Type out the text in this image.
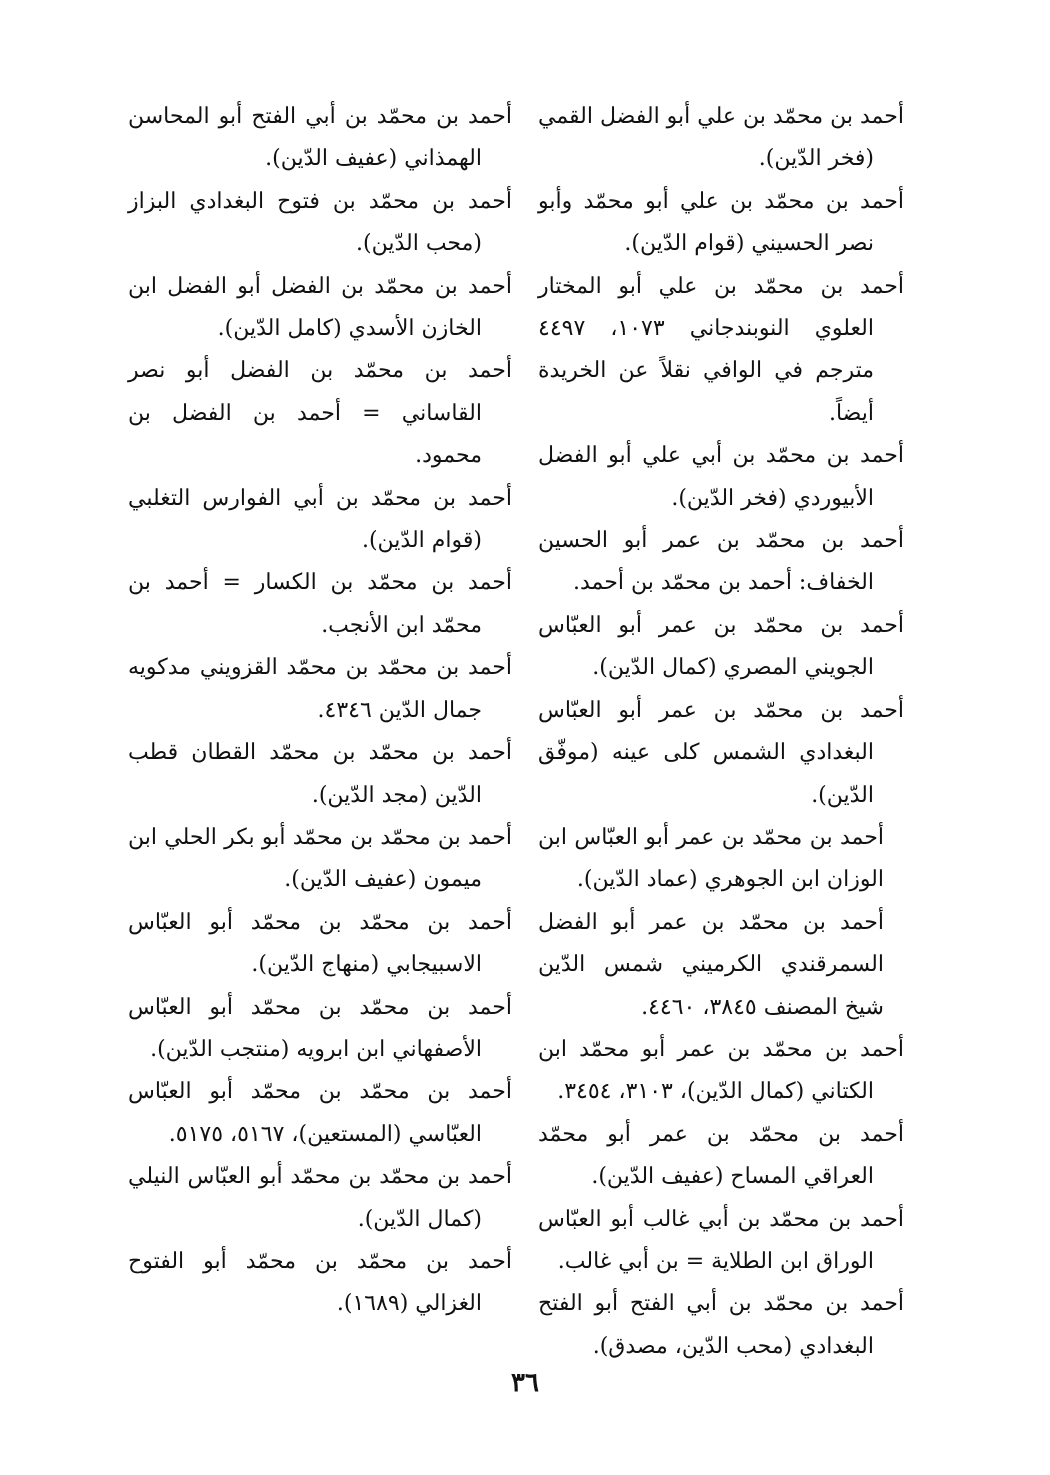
أحمد بن محمّد بن علي أبو الفضل القمي (فخر الدّين).

أحمد بن محمّد بن علي أبو محمّد وأبو نصر الحسيني (قوام الدّين).

أحمد بن محمّد بن علي أبو المختار العلوي النوبندجاني ١٠٧٣، ٤٤٩٧ مترجم في الوافي نقلاً عن الخريدة أيضاً.

أحمد بن محمّد بن أبي علي أبو الفضل الأبيوردي (فخر الدّين).

أحمد بن محمّد بن عمر أبو الحسين الخفاف: أحمد بن محمّد بن أحمد.

أحمد بن محمّد بن عمر أبو العبّاس الجويني المصري (كمال الدّين).

أحمد بن محمّد بن عمر أبو العبّاس البغدادي الشمس كلى عينه (موفّق الدّين).

أحمد بن محمّد بن عمر أبو العبّاس ابن الوزان ابن الجوهري (عماد الدّين).

أحمد بن محمّد بن عمر أبو الفضل السمرقندي الكرميني شمس الدّين شيخ المصنف ٣٨٤٥، ٤٤٦٠.

أحمد بن محمّد بن عمر أبو محمّد ابن الكتاني (كمال الدّين)، ٣١٠٣، ٣٤٥٤.

أحمد بن محمّد بن عمر أبو محمّد العراقي المساح (عفيف الدّين).

أحمد بن محمّد بن أبي غالب أبو العبّاس الوراق ابن الطلاية = بن أبي غالب.

أحمد بن محمّد بن أبي الفتح أبو الفتح البغدادي (محب الدّين، مصدق).

أحمد بن محمّد بن أبي الفتح أبو المحاسن الهمذاني (عفيف الدّين).

أحمد بن محمّد بن فتوح البغدادي البزاز (محب الدّين).

أحمد بن محمّد بن الفضل أبو الفضل ابن الخازن الأسدي (كامل الدّين).

أحمد بن محمّد بن الفضل أبو نصر القاساني = أحمد بن الفضل بن محمود.

أحمد بن محمّد بن أبي الفوارس التغلبي (قوام الدّين).

أحمد بن محمّد بن الكسار = أحمد بن محمّد ابن الأنجب.

أحمد بن محمّد بن محمّد القزويني مدكويه جمال الدّين ٤٣٤٦.

أحمد بن محمّد بن محمّد القطان قطب الدّين (مجد الدّين).

أحمد بن محمّد بن محمّد أبو بكر الحلي ابن ميمون (عفيف الدّين).

أحمد بن محمّد بن محمّد أبو العبّاس الاسبيجابي (منهاج الدّين).

أحمد بن محمّد بن محمّد أبو العبّاس الأصفهاني ابن ابرويه (منتجب الدّين).

أحمد بن محمّد بن محمّد أبو العبّاس العبّاسي (المستعين)، ٥١٦٧، ٥١٧٥.

أحمد بن محمّد بن محمّد أبو العبّاس النيلي (كمال الدّين).

أحمد بن محمّد بن محمّد أبو الفتوح الغزالي (١٦٨٩).

٣٦
